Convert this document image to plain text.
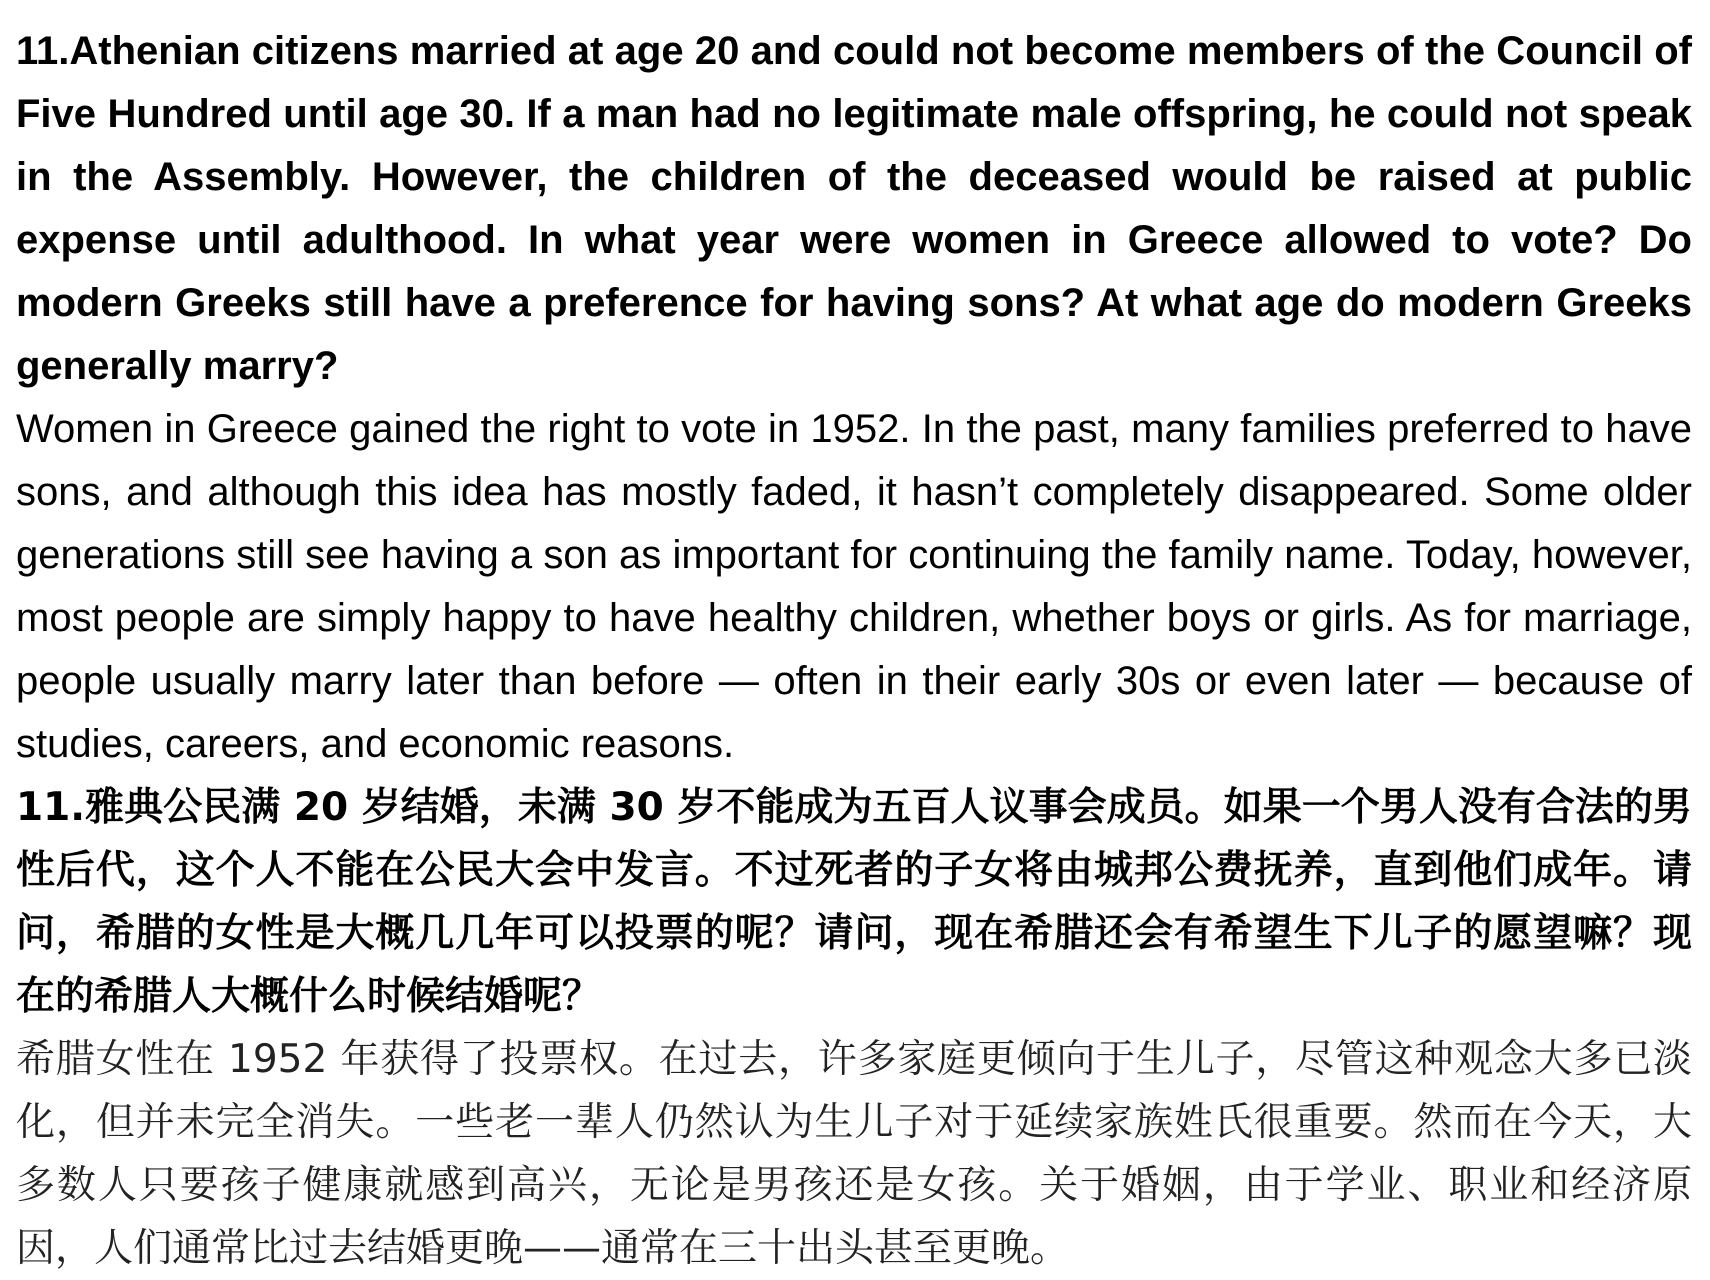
11.Athenian citizens married at age 20 and could not become members of the Council of Five Hundred until age 30. If a man had no legitimate male offspring, he could not speak in the Assembly. However, the children of the deceased would be raised at public expense until adulthood. In what year were women in Greece allowed to vote? Do modern Greeks still have a preference for having sons? At what age do modern Greeks generally marry?

Women in Greece gained the right to vote in 1952. In the past, many families preferred to have sons, and although this idea has mostly faded, it hasn’t completely disappeared. Some older generations still see having a son as important for continuing the family name. Today, however, most people are simply happy to have healthy children, whether boys or girls. As for marriage, people usually marry later than before — often in their early 30s or even later — because of studies, careers, and economic reasons.

11.雅典公民满 20 岁结婚，未满 30 岁不能成为五百人议事会成员。如果一个男人没有合法的男性后代，这个人不能在公民大会中发言。不过死者的子女将由城邦公费抚养，直到他们成年。请问，希腊的女性是大概几几年可以投票的呢？请问，现在希腊还会有希望生下儿子的愿望嘛？现在的希腊人大概什么时候结婚呢？

希腊女性在 1952 年获得了投票权。在过去，许多家庭更倾向于生儿子，尽管这种观念大多已淡化，但并未完全消失。一些老一辈人仍然认为生儿子对于延续家族姓氏很重要。然而在今天，大多数人只要孩子健康就感到高兴，无论是男孩还是女孩。关于婚姻，由于学业、职业和经济原因，人们通常比过去结婚更晚——通常在三十出头甚至更晚。
